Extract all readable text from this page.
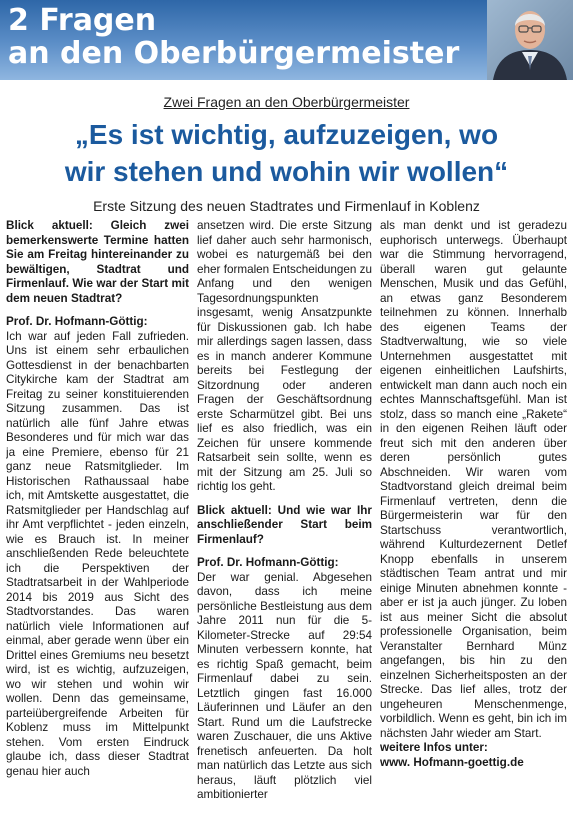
2 Fragen
an den Oberbürgermeister
Zwei Fragen an den Oberbürgermeister
„Es ist wichtig, aufzuzeigen, wo
wir stehen und wohin wir wollen“
Erste Sitzung des neuen Stadtrates und Firmenlauf in Koblenz

Blick aktuell: Gleich zwei bemerkenswerte Termine hatten Sie am Freitag hintereinander zu bewältigen, Stadtrat und Firmenlauf. Wie war der Start mit dem neuen Stadtrat?

Prof. Dr. Hofmann-Göttig:

Ich war auf jeden Fall zufrieden. Uns ist einem sehr erbaulichen Gottesdienst in der benachbarten Citykirche kam der Stadtrat am Freitag zu seiner konstituierenden Sitzung zusammen. Das ist natürlich alle fünf Jahre etwas Besonderes und für mich war das ja eine Premiere, ebenso für 21 ganz neue Ratsmitglieder. Im Historischen Rathaussaal habe ich, mit Amtskette ausgestattet, die Ratsmitglieder per Handschlag auf ihr Amt verpflichtet - jeden einzeln, wie es Brauch ist. In meiner anschließenden Rede beleuchtete ich die Perspektiven der Stadtratsarbeit in der Wahlperiode 2014 bis 2019 aus Sicht des Stadtvorstandes. Das waren natürlich viele Informationen auf einmal, aber gerade wenn über ein Drittel eines Gremiums neu besetzt wird, ist es wichtig, aufzuzeigen, wo wir stehen und wohin wir wollen. Denn das gemeinsame, parteiübergreifende Arbeiten für Koblenz muss im Mittelpunkt stehen. Vom ersten Eindruck glaube ich, dass dieser Stadtrat genau hier auch

ansetzen wird. Die erste Sitzung lief daher auch sehr harmonisch, wobei es naturgemäß bei den eher formalen Entscheidungen zu Anfang und den wenigen Tagesordnungspunkten insgesamt, wenig Ansatzpunkte für Diskussionen gab. Ich habe mir allerdings sagen lassen, dass es in manch anderer Kommune bereits bei Festlegung der Sitzordnung oder anderen Fragen der Geschäftsordnung erste Scharmützel gibt. Bei uns lief es also friedlich, was ein Zeichen für unsere kommende Ratsarbeit sein sollte, wenn es mit der Sitzung am 25. Juli so richtig los geht.

Blick aktuell: Und wie war Ihr anschließender Start beim Firmenlauf?

Prof. Dr. Hofmann-Göttig:

Der war genial. Abgesehen davon, dass ich meine persönliche Bestleistung aus dem Jahre 2011 nun für die 5-Kilometer-Strecke auf 29:54 Minuten verbessern konnte, hat es richtig Spaß gemacht, beim Firmenlauf dabei zu sein. Letztlich gingen fast 16.000 Läuferinnen und Läufer an den Start. Rund um die Laufstrecke waren Zuschauer, die uns Aktive frenetisch anfeuerten. Da holt man natürlich das Letzte aus sich heraus, läuft plötzlich viel ambitionierter

als man denkt und ist geradezu euphorisch unterwegs. Überhaupt war die Stimmung hervorragend, überall waren gut gelaunte Menschen, Musik und das Gefühl, an etwas ganz Besonderem teilnehmen zu können. Innerhalb des eigenen Teams der Stadtverwaltung, wie so viele Unternehmen ausgestattet mit eigenen einheitlichen Laufshirts, entwickelt man dann auch noch ein echtes Mannschaftsgefühl. Man ist stolz, dass so manch eine „Rakete“ in den eigenen Reihen läuft oder freut sich mit den anderen über deren persönlich gutes Abschneiden. Wir waren vom Stadtvorstand gleich dreimal beim Firmenlauf vertreten, denn die Bürgermeisterin war für den Startschuss verantwortlich, während Kulturdezernent Detlef Knopp ebenfalls in unserem städtischen Team antrat und mir einige Minuten abnehmen konnte - aber er ist ja auch jünger. Zu loben ist aus meiner Sicht die absolut professionelle Organisation, beim Veranstalter Bernhard Münz angefangen, bis hin zu den einzelnen Sicherheitsposten an der Strecke. Das lief alles, trotz der ungeheuren Menschenmenge, vorbildlich. Wenn es geht, bin ich im nächsten Jahr wieder am Start.

weitere Infos unter:

www. Hofmann-goettig.de
